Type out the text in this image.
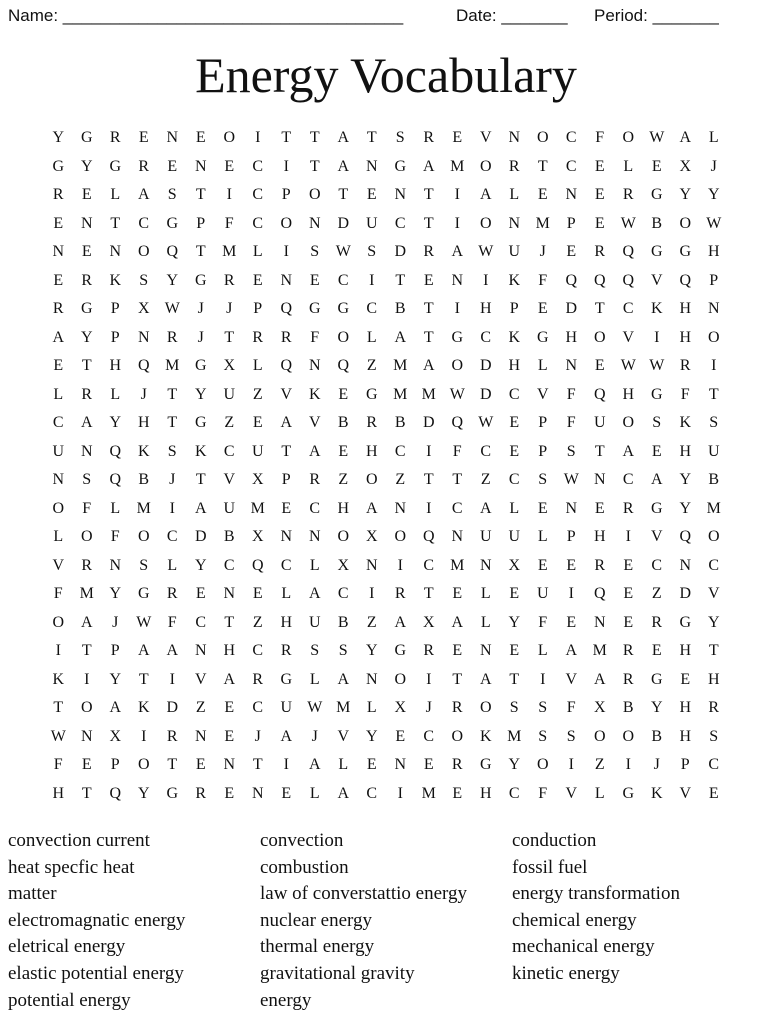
Name: ____________________________________	Date: _______ Period: _______
Energy Vocabulary
Y	G	R	E	N	E	O	I	T	T	A	T	S	R	E	V	N	O	C	F	O W A	L
G	Y	G	R	E	N	E	C	I	T	A	N	G	A M O	R	T	C	E	L	E	X	J
R	E	L	A	S	T	I	C	P	O	T	E	N	T	I	A	L	E	N	E	R	G	Y	Y
E	N	T	C	G	P	F	C	O	N	D	U	C	T	I	O	N M	P	E	W B	O W
N	E	N	O	Q	T	M	L	I	S	W	S	D	R	A W U	J	E	R	Q	G	G	H
E	R	K	S	Y	G	R	E	N	E	C	I	T	E	N	I	K	F	Q	Q	Q	V	Q	P
R	G	P	X W	J	J	P	Q	G	G	C	B	T	I	H	P	E	D	T	C	K	H	N
A	Y	P	N	R	J	T	R	R	F	O	L	A	T	G	C	K	G	H	O	V	I	H	O
E	T	H	Q M G	X	L	Q	N	Q	Z	M A	O	D	H	L	N	E	W W R	I
L	R	L	J	T	Y	U	Z	V	K	E	G M M W D	C	V	F	Q	H	G	F	T
C	A	Y	H	T	G	Z	E	A	V	B	R	B	D	Q W	E	P	F	U	O	S	K	S
U	N	Q	K	S	K	C	U	T	A	E	H	C	I	F	C	E	P	S	T	A	E	H	U
N	S	Q	B	J	T	V	X	P	R	Z	O	Z	T	T	Z	C	S	W N	C	A	Y	B
O	F	L	M	I	A	U M	E	C	H	A	N	I	C	A	L	E	N	E	R	G	Y M
L	O	F	O	C	D	B	X	N	N	O	X	O	Q	N	U	U	L	P	H	I	V	Q	O
V	R	N	S	L	Y	C	Q	C	L	X	N	I	C	M N	X	E	E	R	E	C	N	C
F	M Y	G	R	E	N	E	L	A	C	I	R	T	E	L	E	U	I	Q	E	Z	D	V
O	A	J	W	F	C	T	Z	H	U	B	Z	A	X	A	L	Y	F	E	N	E	R	G	Y
I	T	P	A	A	N	H	C	R	S	S	Y	G	R	E	N	E	L	A M	R	E	H	T
K	I	Y	T	I	V	A	R	G	L	A	N	O	I	T	A	T	I	V	A	R	G	E	H
T	O	A	K	D	Z	E	C	U W M	L	X	J	R	O	S	S	F	X	B	Y	H	R
W N	X	I	R	N	E	J	A	J	V	Y	E	C	O	K M	S	S	O	O	B	H	S
F	E	P	O	T	E	N	T	I	A	L	E	N	E	R	G	Y	O	I	Z	I	J	P	C
H	T	Q	Y	G	R	E	N	E	L	A	C	I	M	E	H	C	F	V	L	G	K	V	E
convection current
heat specfic heat
matter
electromagnatic energy
eletrical energy
elastic potential energy
potential energy
convection
combustion
law of converstattio energy
nuclear energy
thermal energy
gravitational gravity
energy
conduction
fossil fuel
energy transformation
chemical energy
mechanical energy
kinetic energy
